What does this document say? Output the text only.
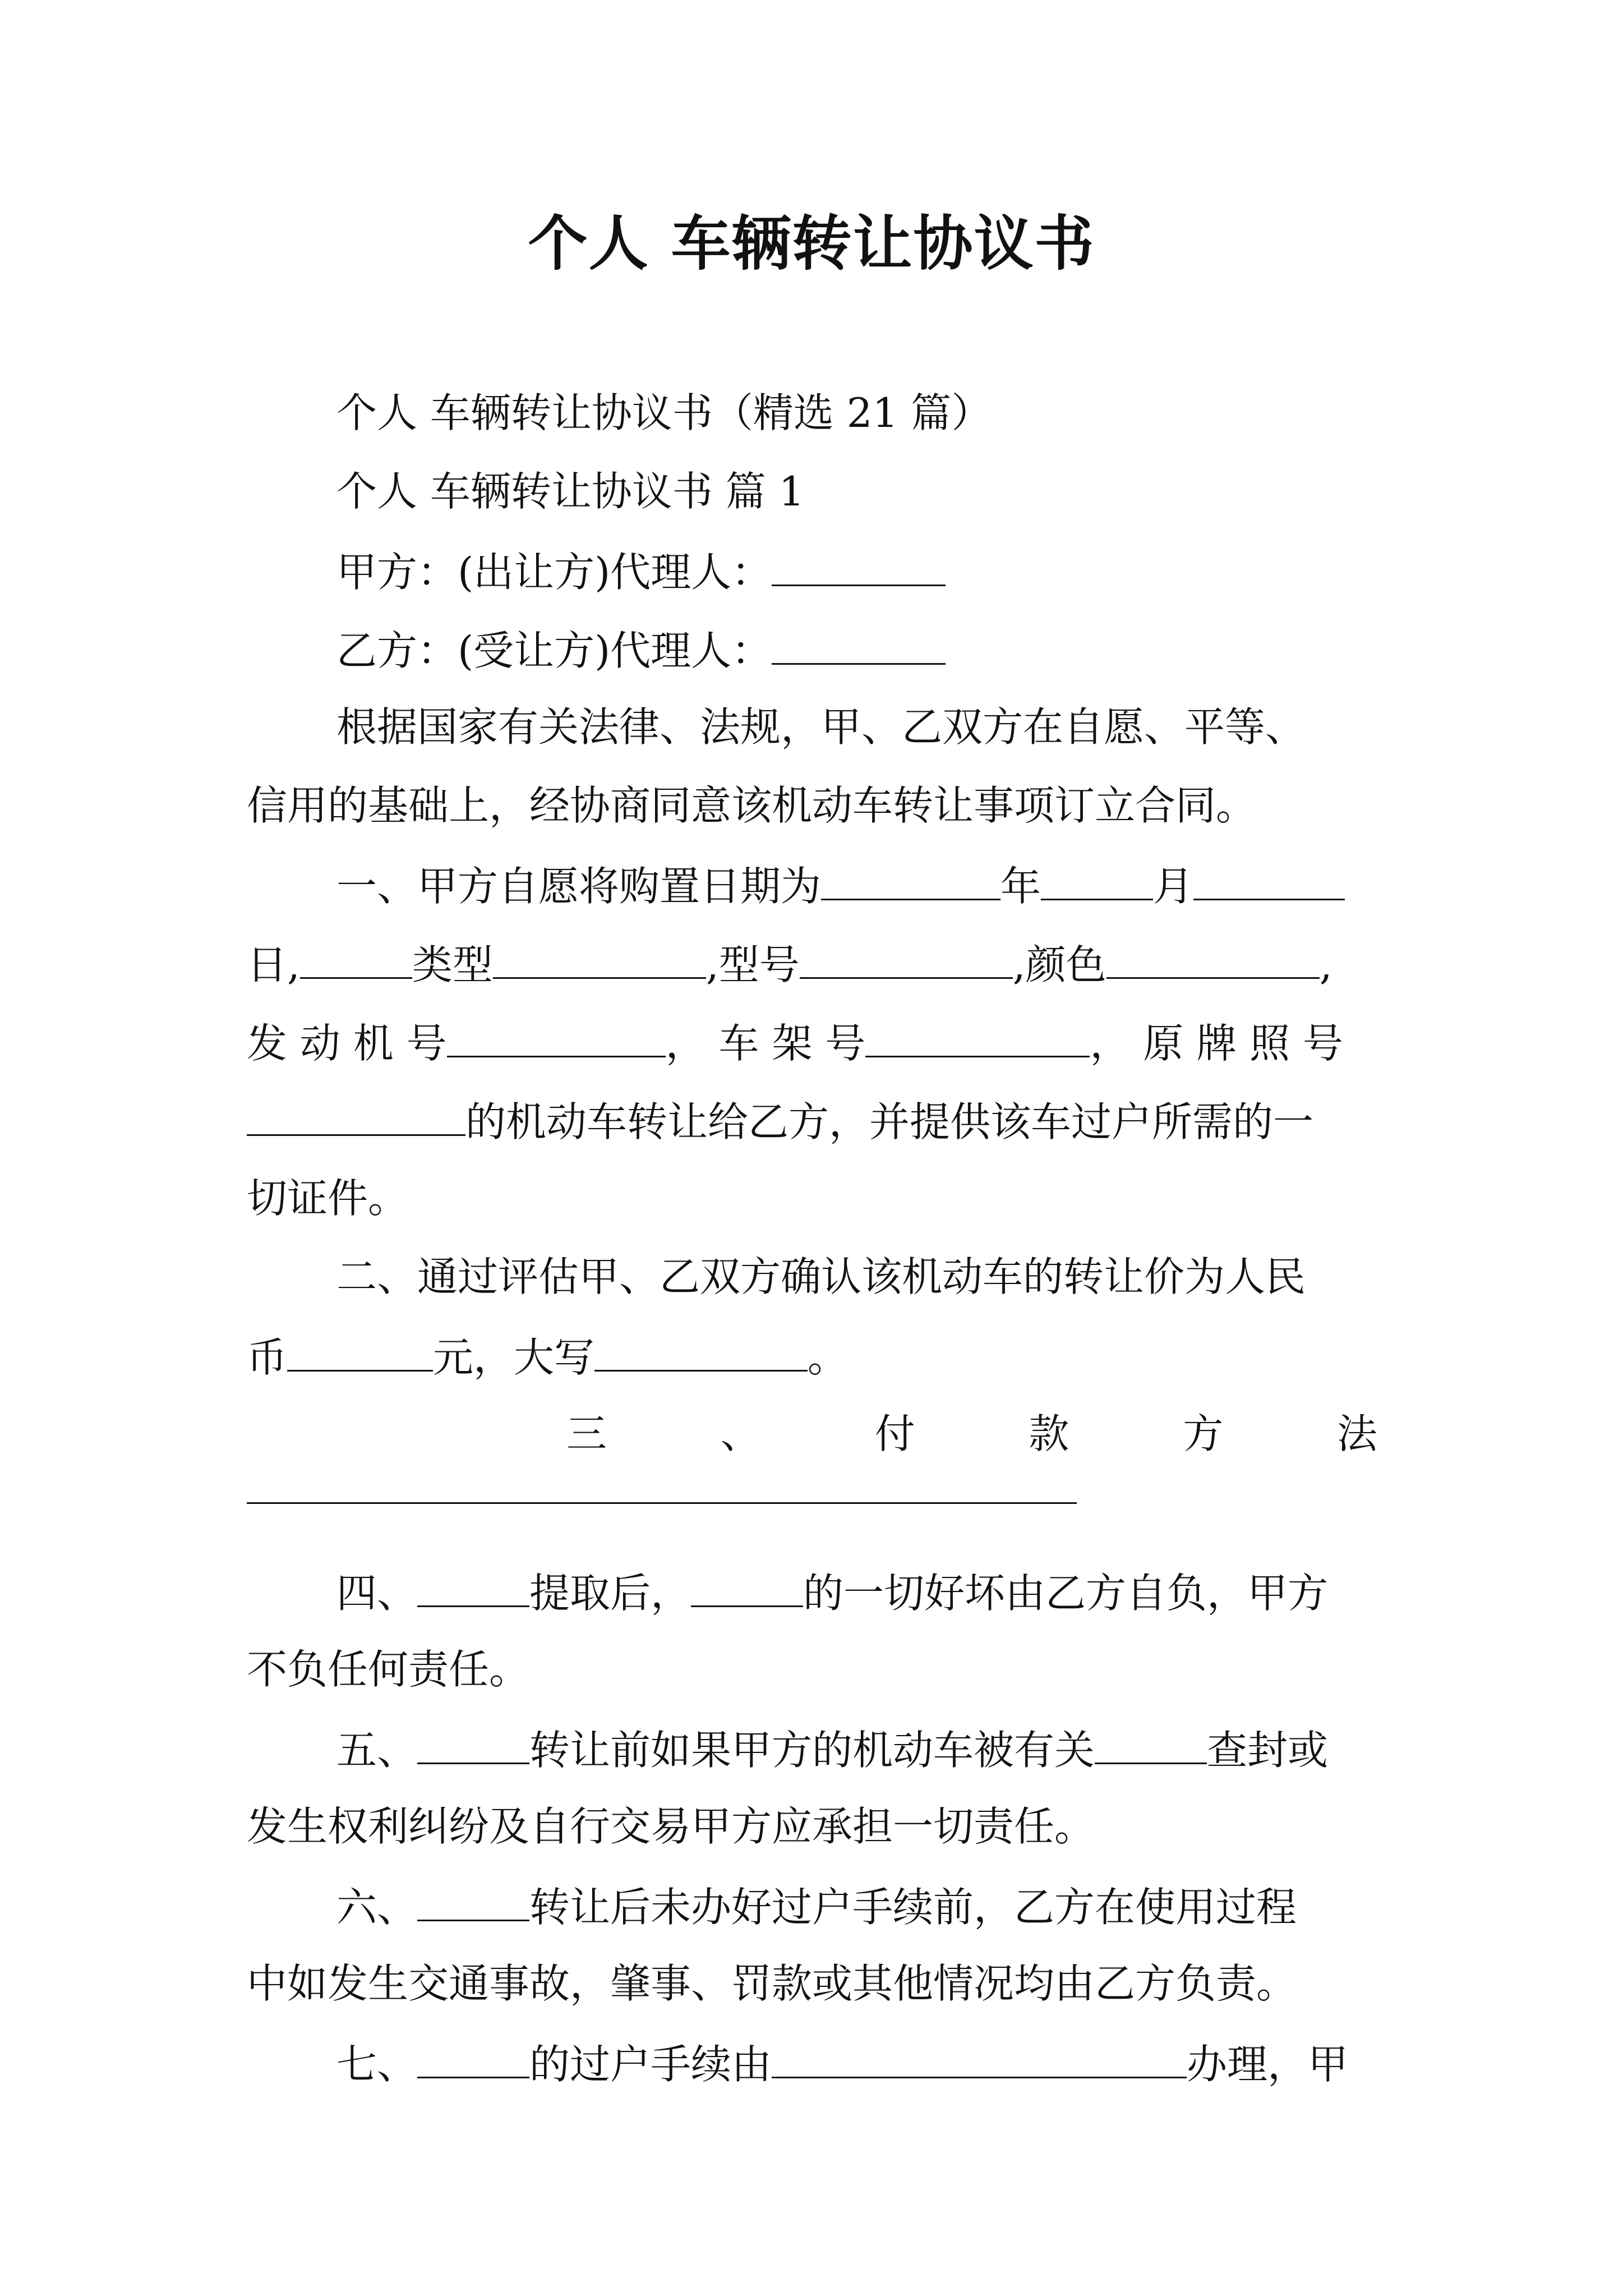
个人 车辆转让协议书
个人 车辆转让协议书（精选 21 篇）
个人 车辆转让协议书 篇 1
甲方：(出让方)代理人：
乙方：(受让方)代理人：
根据国家有关法律、法规，甲、乙双方在自愿、平等、
信用的基础上，经协商同意该机动车转让事项订立合同。
一、甲方自愿将购置日期为	年	月
日,	类型	,型号	,颜色	,
发 动 机 号	， 车 架 号	， 原 牌 照 号
的机动车转让给乙方，并提供该车过户所需的一
切证件。
二、通过评估甲、乙双方确认该机动车的转让价为人民
币	元，大写	。
三	、	付	款	方	法
四、	提取后，	的一切好坏由乙方自负，甲方
不负任何责任。
五、	转让前如果甲方的机动车被有关	查封或
发生权利纠纷及自行交易甲方应承担一切责任。
六、	转让后未办好过户手续前，乙方在使用过程
中如发生交通事故，肇事、罚款或其他情况均由乙方负责。
七、	的过户手续由	办理，甲
